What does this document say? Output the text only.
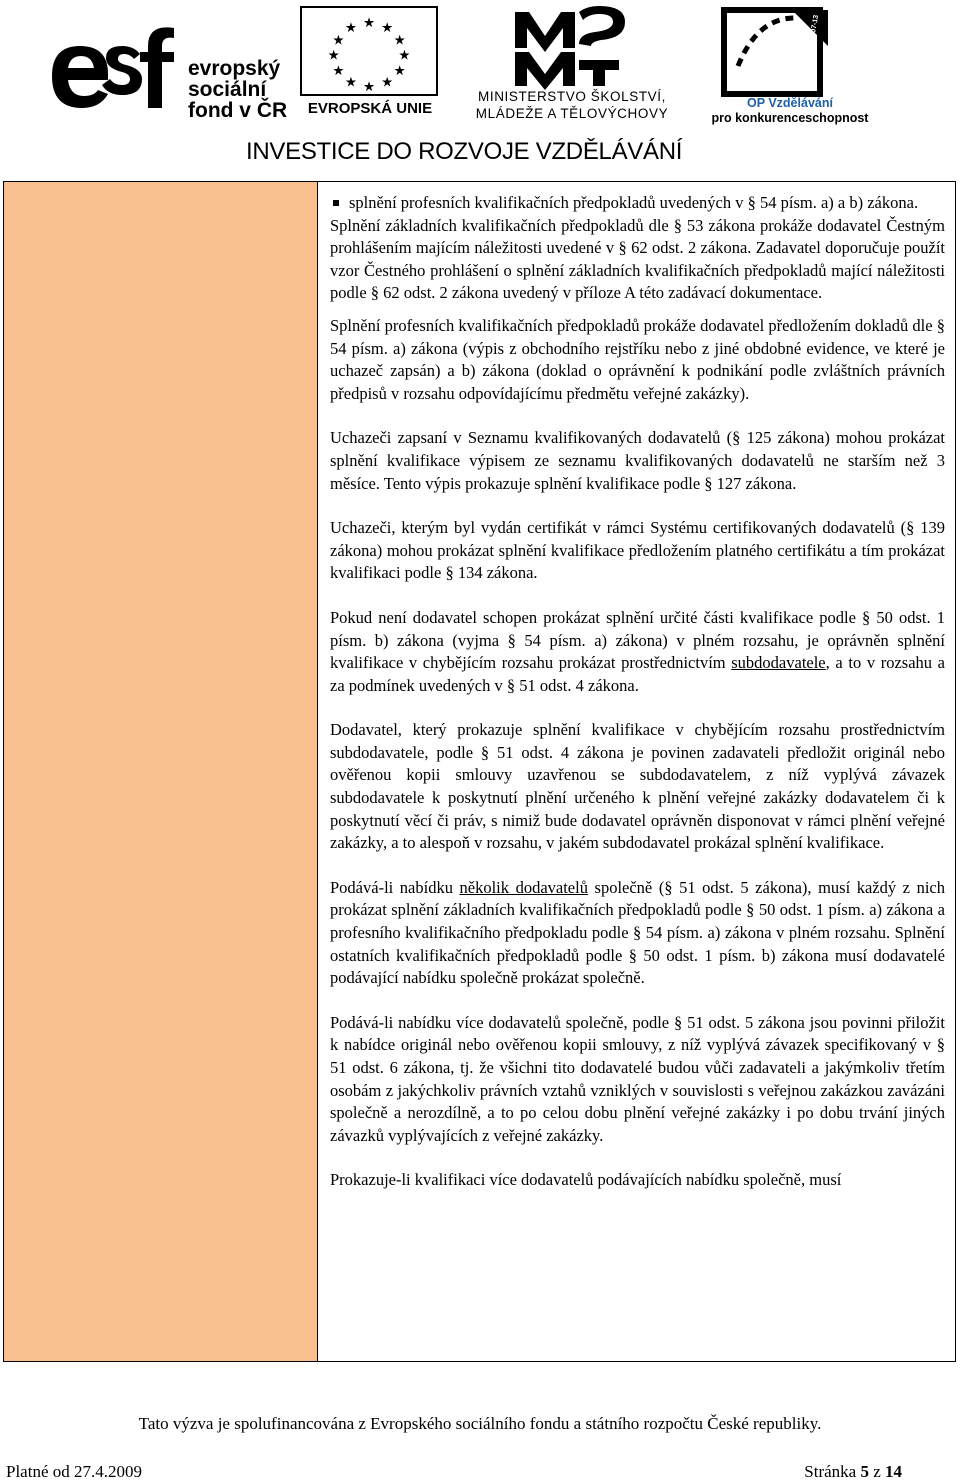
evropský
sociální
fond v ČR
★ ★
★
★
★
★
★
★
★
★
★
★
EVROPSKÁ UNIE
MINISTERSTVO ŠKOLSTVÍ,
MLÁDEŽE A TĚLOVÝCHOVY
2007-13
OP Vzdělávání
pro konkurenceschopnost
INVESTICE DO ROZVOJE VZDĚLÁVÁNÍ
splnění profesních kvalifikačních předpokladů uvedených v § 54 písm. a) a b) zákona.

Splnění základních kvalifikačních předpokladů dle § 53 zákona prokáže dodavatel Čestným prohlášením majícím náležitosti uvedené v § 62 odst. 2 zákona. Zadavatel doporučuje použít vzor Čestného prohlášení o splnění základních kvalifikačních předpokladů mající náležitosti podle § 62 odst. 2 zákona uvedený v příloze A této zadávací dokumentace.

Splnění profesních kvalifikačních předpokladů prokáže dodavatel předložením dokladů dle § 54 písm. a) zákona (výpis z obchodního rejstříku nebo z jiné obdobné evidence, ve které je uchazeč zapsán) a b) zákona (doklad o oprávnění k podnikání podle zvláštních právních předpisů v rozsahu odpovídajícímu předmětu veřejné zakázky).

Uchazeči zapsaní v Seznamu kvalifikovaných dodavatelů (§ 125 zákona) mohou prokázat splnění kvalifikace výpisem ze seznamu kvalifikovaných dodavatelů ne starším než 3 měsíce. Tento výpis prokazuje splnění kvalifikace podle § 127 zákona.

Uchazeči, kterým byl vydán certifikát v rámci Systému certifikovaných dodavatelů (§ 139 zákona) mohou prokázat splnění kvalifikace předložením platného certifikátu a tím prokázat kvalifikaci podle § 134 zákona.

Pokud není dodavatel schopen prokázat splnění určité části kvalifikace podle § 50 odst. 1 písm. b) zákona (vyjma § 54 písm. a) zákona) v plném rozsahu, je oprávněn splnění kvalifikace v chybějícím rozsahu prokázat prostřednictvím subdodavatele, a to v rozsahu a za podmínek uvedených v § 51 odst. 4 zákona.

Dodavatel, který prokazuje splnění kvalifikace v chybějícím rozsahu prostřednictvím subdodavatele, podle § 51 odst. 4 zákona je povinen zadavateli předložit originál nebo ověřenou kopii smlouvy uzavřenou se subdodavatelem, z níž vyplývá závazek subdodavatele k poskytnutí plnění určeného k plnění veřejné zakázky dodavatelem či k poskytnutí věcí či práv, s nimiž bude dodavatel oprávněn disponovat v rámci plnění veřejné zakázky, a to alespoň v rozsahu, v jakém subdodavatel prokázal splnění kvalifikace.

Podává-li nabídku několik dodavatelů společně (§ 51 odst. 5 zákona), musí každý z nich prokázat splnění základních kvalifikačních předpokladů podle § 50 odst. 1 písm. a) zákona a profesního kvalifikačního předpokladu podle § 54 písm. a) zákona v plném rozsahu. Splnění ostatních kvalifikačních předpokladů podle § 50 odst. 1 písm. b) zákona musí dodavatelé podávající nabídku společně prokázat společně.

Podává-li nabídku více dodavatelů společně, podle § 51 odst. 5 zákona jsou povinni přiložit k nabídce originál nebo ověřenou kopii smlouvy, z níž vyplývá závazek specifikovaný v § 51 odst. 6 zákona, tj. že všichni tito dodavatelé budou vůči zadavateli a jakýmkoliv třetím osobám z jakýchkoliv právních vztahů vzniklých v souvislosti s veřejnou zakázkou zavázáni společně a nerozdílně, a to po celou dobu plnění veřejné zakázky i po dobu trvání jiných závazků vyplývajících z veřejné zakázky.

Prokazuje-li kvalifikaci více dodavatelů podávajících nabídku společně, musí

Tato výzva je spolufinancována z Evropského sociálního fondu a státního rozpočtu České republiky.
Platné od 27.4.2009	Stránka 5 z 14
